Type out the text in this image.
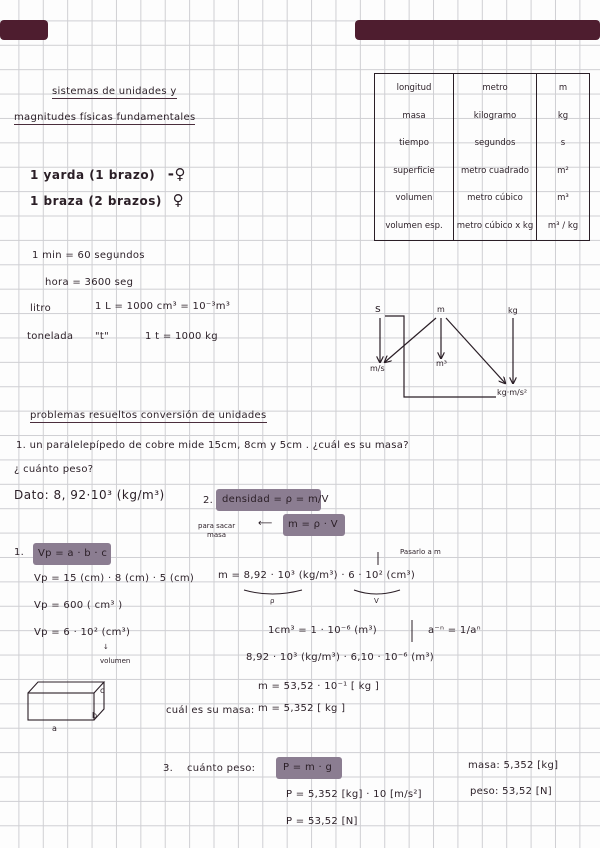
sistemas de unidades y
magnitudes físicas fundamentales
1 yarda (1 brazo) -♀
1 braza (2 brazos) ♀
1 min = 60 segundos
hora = 3600 seg
litro	1 L = 1000 cm³ = 10⁻³m³
tonelada "t"	1 t = 1000 kg
longitud	metro	m
masa	kilogramo	kg
tiempo	segundos	s
superficie	metro cuadrado	m²
volumen	metro cúbico	m³
volumen esp.	metro cúbico x kg	m³ / kg
s	m	kg
m/s
m³
kg·m/s²
problemas resueltos conversión de unidades
1. un paralelepípedo de cobre mide 15cm, 8cm y 5cm . ¿cuál es su masa?
¿ cuánto peso?
Dato: 8, 92·10³ (kg/m³)	2. densidad = ρ = m/V
para sacar
masa
⟵ m = ρ · V
1. Vp = a · b · c
Vp = 15 (cm) · 8 (cm) · 5 (cm)
Vp = 600 ( cm³ )
Vp = 6 · 10² (cm³)
↓
volumen
m = 8,92 · 10³ (kg/m³) · 6 · 10² (cm³)
ρ	V
Pasarlo a m
1cm³ = 1 · 10⁻⁶ (m³)	a⁻ⁿ = 1/aⁿ
8,92 · 10³ (kg/m³) · 6,10 · 10⁻⁶ (m³)
m = 53,52 · 10⁻¹ [ kg ]
cuál es su masa: m = 5,352 [ kg ]
a
b
c
3. cuánto peso:	P = m · g	masa: 5,352 [kg]
peso: 53,52 [N]
P = 5,352 [kg] · 10 [m/s²]
P = 53,52 [N]
